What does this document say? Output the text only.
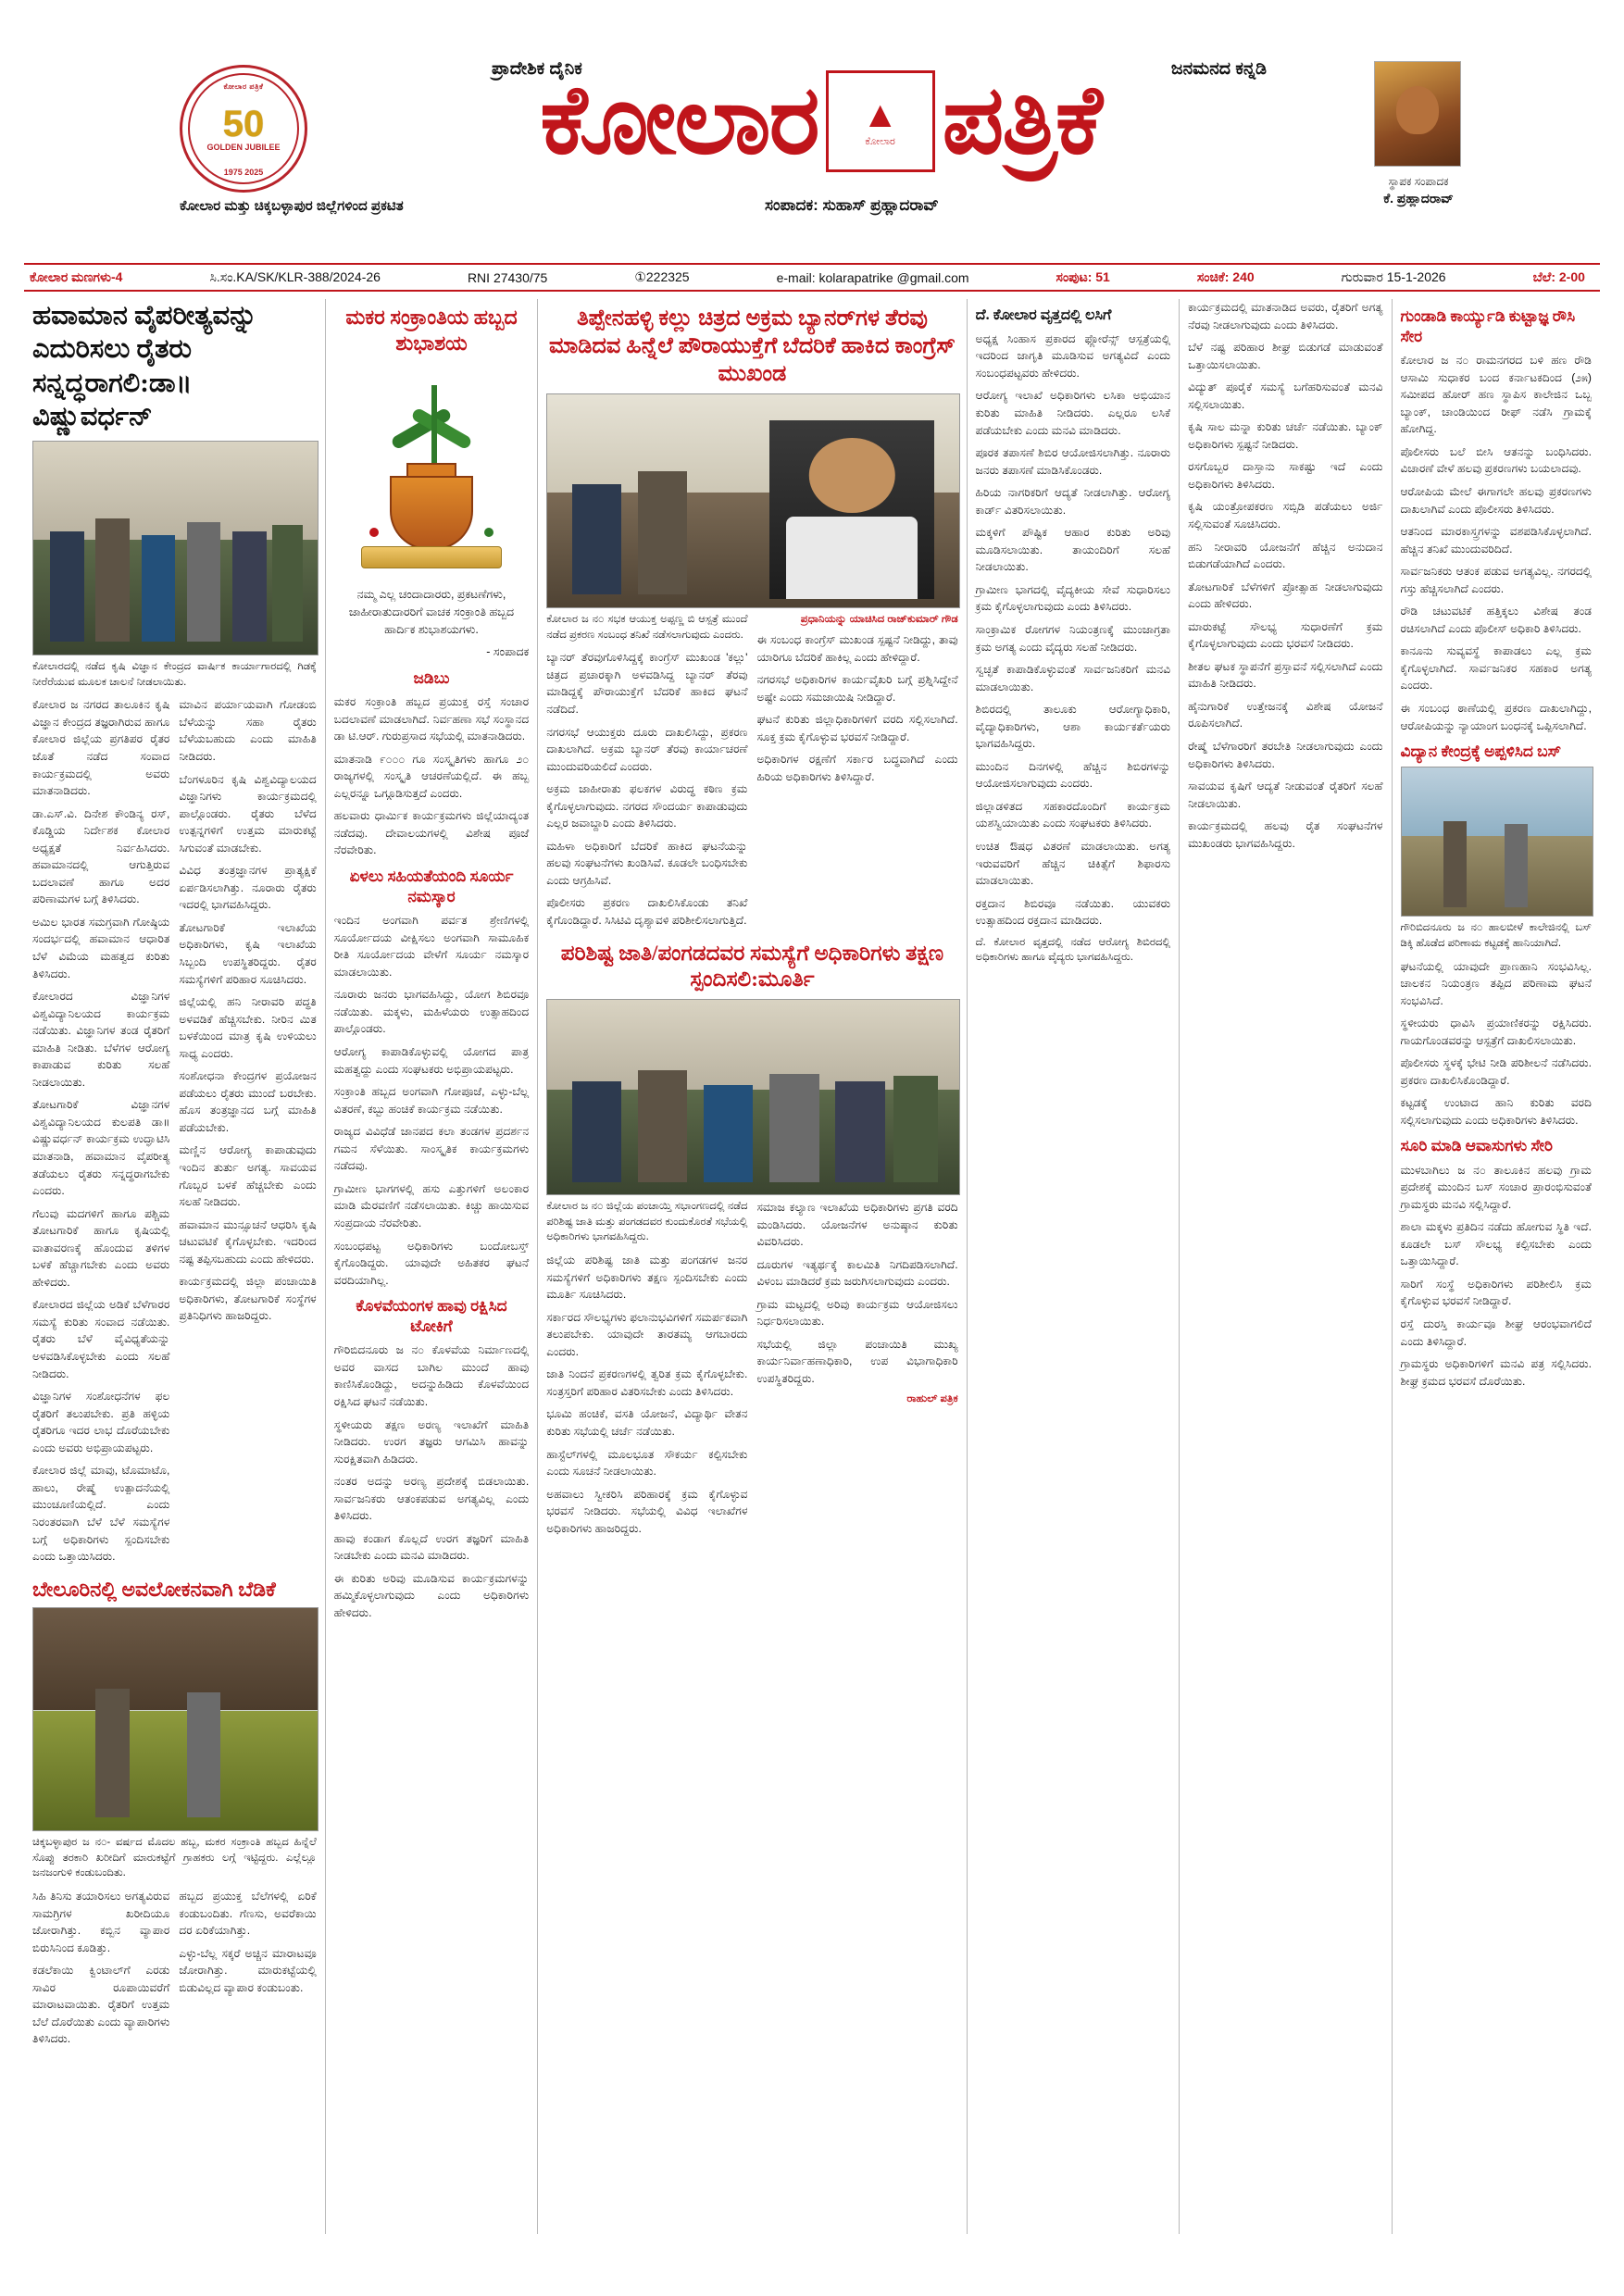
ಪ್ರಾದೇಶಿಕ ದೈನಿಕ	ಜನಮನದ ಕನ್ನಡಿ
ಕೋಲಾರ ಪತ್ರಿಕೆ
50
GOLDEN JUBILEE
1975 2025	ಕೋಲಾರ ▲
ಕೋಲಾರ ಪತ್ರಿಕೆ
ಸ್ಥಾಪಕ ಸಂಪಾದಕ
ಕೆ. ಪ್ರಹ್ಲಾದರಾವ್
ಕೋಲಾರ ಮತ್ತು ಚಿಕ್ಕಬಳ್ಳಾಪುರ ಜಿಲ್ಲೆಗಳಿಂದ ಪ್ರಕಟಿತ	ಸಂಪಾದಕ: ಸುಹಾಸ್ ಪ್ರಹ್ಲಾದರಾವ್
ಕೋಲಾರ ಮಣಗಳು-4	ಸಿ.ಸಂ.KA/SK/KLR-388/2024-26	RNI 27430/75	①222325	e-mail: kolarapatrike @gmail.com	ಸಂಪುಟ: 51	ಸಂಚಿಕೆ: 240	ಗುರುವಾರ 15-1-2026	ಬೆಲೆ: 2-00
ಹವಾಮಾನ ವೈಪರೀತ್ಯವನ್ನು ಎದುರಿಸಲು ರೈತರು ಸನ್ನದ್ಧರಾಗಲಿ:ಡಾ॥ ವಿಷ್ಣುವರ್ಧನ್

ಕೋಲಾರದಲ್ಲಿ ನಡೆದ ಕೃಷಿ ವಿಜ್ಞಾನ ಕೇಂದ್ರದ ವಾರ್ಷಿಕ ಕಾರ್ಯಾಗಾರದಲ್ಲಿ ಗಿಡಕ್ಕೆ ನೀರೆರೆಯುವ ಮೂಲಕ ಚಾಲನೆ ನೀಡಲಾಯಿತು.

ಕೋಲಾರ ಜ ನಗರದ ತಾಲೂಕಿನ ಕೃಷಿ ವಿಜ್ಞಾನ ಕೇಂದ್ರದ ತಜ್ಞರಾಗಿರುವ ಹಾಗೂ ಕೋಲಾರ ಜಿಲ್ಲೆಯ ಪ್ರಗತಿಪರ ರೈತರ ಜೊತೆ ನಡೆದ ಸಂವಾದ ಕಾರ್ಯಕ್ರಮದಲ್ಲಿ ಅವರು ಮಾತನಾಡಿದರು.

ಡಾ.ಎಸ್.ವಿ. ದಿನೇಶ ಕೌಂಡಿನ್ಯ ರಸ್, ಕೊಡ್ಡಿಯ ನಿರ್ದೇಶಕ ಕೋಲಾರ ಅಧ್ಯಕ್ಷತೆ ನಿರ್ವಹಿಸಿದರು. ಹವಾಮಾನದಲ್ಲಿ ಆಗುತ್ತಿರುವ ಬದಲಾವಣೆ ಹಾಗೂ ಅದರ ಪರಿಣಾಮಗಳ ಬಗ್ಗೆ ತಿಳಿಸಿದರು.

ಅಮಿಲ ಭಾರತ ಸಮಗ್ರವಾಗಿ ಗೋಷ್ಠಿಯ ಸಂದರ್ಭದಲ್ಲಿ ಹವಾಮಾನ ಆಧಾರಿತ ಬೆಳೆ ವಿಮೆಯ ಮಹತ್ವದ ಕುರಿತು ತಿಳಿಸಿದರು.

ಕೋಲಾರದ ವಿಜ್ಞಾನಿಗಳ ವಿಶ್ವವಿದ್ಯಾನಿಲಯದ ಕಾರ್ಯಕ್ರಮ ನಡೆಯಿತು. ವಿಜ್ಞಾನಿಗಳ ತಂಡ ರೈತರಿಗೆ ಮಾಹಿತಿ ನೀಡಿತು. ಬೆಳೆಗಳ ಆರೋಗ್ಯ ಕಾಪಾಡುವ ಕುರಿತು ಸಲಹೆ ನೀಡಲಾಯಿತು.

ತೋಟಗಾರಿಕೆ ವಿಜ್ಞಾನಗಳ ವಿಶ್ವವಿದ್ಯಾನಿಲಯದ ಕುಲಪತಿ ಡಾ॥ ವಿಷ್ಣುವರ್ಧನ್ ಕಾರ್ಯಕ್ರಮ ಉದ್ಘಾಟಿಸಿ ಮಾತನಾಡಿ, ಹವಾಮಾನ ವೈಪರೀತ್ಯ ತಡೆಯಲು ರೈತರು ಸನ್ನದ್ಧರಾಗಬೇಕು ಎಂದರು.

ಗೆಲುವು ಮದಗಳಿಗೆ ಹಾಗೂ ಪಶ್ಚಿಮ ತೋಟಗಾರಿಕೆ ಹಾಗೂ ಕೃಷಿಯಲ್ಲಿ ವಾತಾವರಣಕ್ಕೆ ಹೊಂದುವ ತಳಿಗಳ ಬಳಕೆ ಹೆಚ್ಚಾಗಬೇಕು ಎಂದು ಅವರು ಹೇಳಿದರು.

ಕೋಲಾರದ ಜಿಲ್ಲೆಯ ಅಡಿಕೆ ಬೆಳೆಗಾರರ ಸಮಸ್ಯೆ ಕುರಿತು ಸಂವಾದ ನಡೆಯಿತು. ರೈತರು ಬೆಳೆ ವೈವಿಧ್ಯತೆಯನ್ನು ಅಳವಡಿಸಿಕೊಳ್ಳಬೇಕು ಎಂದು ಸಲಹೆ ನೀಡಿದರು.

ವಿಜ್ಞಾನಿಗಳ ಸಂಶೋಧನೆಗಳ ಫಲ ರೈತರಿಗೆ ತಲುಪಬೇಕು. ಪ್ರತಿ ಹಳ್ಳಿಯ ರೈತರಿಗೂ ಇದರ ಲಾಭ ದೊರೆಯಬೇಕು ಎಂದು ಅವರು ಅಭಿಪ್ರಾಯಪಟ್ಟರು.

ಕೋಲಾರ ಜಿಲ್ಲೆ ಮಾವು, ಟೊಮಾಟೊ, ಹಾಲು, ರೇಷ್ಮೆ ಉತ್ಪಾದನೆಯಲ್ಲಿ ಮುಂಚೂಣಿಯಲ್ಲಿದೆ. ಎಂದು ನಿರಂತರವಾಗಿ ಬೆಳೆ ಬೆಳೆ ಸಮಸ್ಯೆಗಳ ಬಗ್ಗೆ ಅಧಿಕಾರಿಗಳು ಸ್ಪಂದಿಸಬೇಕು ಎಂದು ಒತ್ತಾಯಿಸಿದರು.

ಮಾವಿನ ಪರ್ಯಾಯವಾಗಿ ಗೋಡಂಬಿ ಬೆಳೆಯನ್ನು ಸಹಾ ರೈತರು ಬೆಳೆಯಬಹುದು ಎಂದು ಮಾಹಿತಿ ನೀಡಿದರು.

ಬೆಂಗಳೂರಿನ ಕೃಷಿ ವಿಶ್ವವಿದ್ಯಾಲಯದ ವಿಜ್ಞಾನಿಗಳು ಕಾರ್ಯಕ್ರಮದಲ್ಲಿ ಪಾಲ್ಗೊಂಡರು. ರೈತರು ಬೆಳೆದ ಉತ್ಪನ್ನಗಳಿಗೆ ಉತ್ತಮ ಮಾರುಕಟ್ಟೆ ಸಿಗುವಂತೆ ಮಾಡಬೇಕು.

ವಿವಿಧ ತಂತ್ರಜ್ಞಾನಗಳ ಪ್ರಾತ್ಯಕ್ಷಿಕೆ ಏರ್ಪಡಿಸಲಾಗಿತ್ತು. ನೂರಾರು ರೈತರು ಇದರಲ್ಲಿ ಭಾಗವಹಿಸಿದ್ದರು.

ತೋಟಗಾರಿಕೆ ಇಲಾಖೆಯ ಅಧಿಕಾರಿಗಳು, ಕೃಷಿ ಇಲಾಖೆಯ ಸಿಬ್ಬಂದಿ ಉಪಸ್ಥಿತರಿದ್ದರು. ರೈತರ ಸಮಸ್ಯೆಗಳಿಗೆ ಪರಿಹಾರ ಸೂಚಿಸಿದರು.

ಜಿಲ್ಲೆಯಲ್ಲಿ ಹನಿ ನೀರಾವರಿ ಪದ್ಧತಿ ಅಳವಡಿಕೆ ಹೆಚ್ಚಿಸಬೇಕು. ನೀರಿನ ಮಿತ ಬಳಕೆಯಿಂದ ಮಾತ್ರ ಕೃಷಿ ಉಳಿಯಲು ಸಾಧ್ಯ ಎಂದರು.

ಸಂಶೋಧನಾ ಕೇಂದ್ರಗಳ ಪ್ರಯೋಜನ ಪಡೆಯಲು ರೈತರು ಮುಂದೆ ಬರಬೇಕು. ಹೊಸ ತಂತ್ರಜ್ಞಾನದ ಬಗ್ಗೆ ಮಾಹಿತಿ ಪಡೆಯಬೇಕು.

ಮಣ್ಣಿನ ಆರೋಗ್ಯ ಕಾಪಾಡುವುದು ಇಂದಿನ ತುರ್ತು ಅಗತ್ಯ. ಸಾವಯವ ಗೊಬ್ಬರ ಬಳಕೆ ಹೆಚ್ಚಬೇಕು ಎಂದು ಸಲಹೆ ನೀಡಿದರು.

ಹವಾಮಾನ ಮುನ್ಸೂಚನೆ ಆಧರಿಸಿ ಕೃಷಿ ಚಟುವಟಿಕೆ ಕೈಗೊಳ್ಳಬೇಕು. ಇದರಿಂದ ನಷ್ಟ ತಪ್ಪಿಸಬಹುದು ಎಂದು ಹೇಳಿದರು.

ಕಾರ್ಯಕ್ರಮದಲ್ಲಿ ಜಿಲ್ಲಾ ಪಂಚಾಯಿತಿ ಅಧಿಕಾರಿಗಳು, ತೋಟಗಾರಿಕೆ ಸಂಸ್ಥೆಗಳ ಪ್ರತಿನಿಧಿಗಳು ಹಾಜರಿದ್ದರು.

ಬೇಲೂರಿನಲ್ಲಿ ಅವಲೋಕನವಾಗಿ ಬೆಡಿಕೆ

ಚಿಕ್ಕಬಳ್ಳಾಪುರ ಜ ನ೦- ವರ್ಷದ ಮೊದಲ ಹಬ್ಬ, ಮಕರ ಸಂಕ್ರಾಂತಿ ಹಬ್ಬದ ಹಿನ್ನೆಲೆ ಸೊಪ್ಪು ತರಕಾರಿ ಖರೀದಿಗೆ ಮಾರುಕಟ್ಟೆಗೆ ಗ್ರಾಹಕರು ಲಗ್ಗೆ ಇಟ್ಟಿದ್ದರು. ಎಲ್ಲೆಲ್ಲೂ ಜನಜಂಗುಳಿ ಕಂಡುಬಂದಿತು.

ಸಿಹಿ ತಿನಿಸು ತಯಾರಿಸಲು ಅಗತ್ಯವಿರುವ ಸಾಮಗ್ರಿಗಳ ಖರೀದಿಯೂ ಜೋರಾಗಿತ್ತು. ಕಬ್ಬಿನ ವ್ಯಾಪಾರ ಬಿರುಸಿನಿಂದ ಕೂಡಿತ್ತು.

ಕಡಲೆಕಾಯಿ ಕ್ವಿಂಟಾಲ್‌ಗೆ ಎರಡು ಸಾವಿರ ರೂಪಾಯಿವರೆಗೆ ಮಾರಾಟವಾಯಿತು. ರೈತರಿಗೆ ಉತ್ತಮ ಬೆಲೆ ದೊರೆಯಿತು ಎಂದು ವ್ಯಾಪಾರಿಗಳು ತಿಳಿಸಿದರು.

ಹಬ್ಬದ ಪ್ರಯುಕ್ತ ಬೆಲೆಗಳಲ್ಲಿ ಏರಿಕೆ ಕಂಡುಬಂದಿತು. ಗೆಣಸು, ಅವರೆಕಾಯಿ ದರ ಏರಿಕೆಯಾಗಿತ್ತು.

ಎಳ್ಳು-ಬೆಲ್ಲ ಸಕ್ಕರೆ ಅಚ್ಚಿನ ಮಾರಾಟವೂ ಜೋರಾಗಿತ್ತು. ಮಾರುಕಟ್ಟೆಯಲ್ಲಿ ಬಿಡುವಿಲ್ಲದ ವ್ಯಾಪಾರ ಕಂಡುಬಂತು.

ಮಕರ ಸಂಕ್ರಾಂತಿಯ ಹಬ್ಬದ ಶುಭಾಶಯ

ನಮ್ಮ ಎಲ್ಲ ಚಂದಾದಾರರು, ಪ್ರಕಟಣೆಗಳು, ಜಾಹೀರಾತುದಾರರಿಗೆ ವಾಚಕ ಸಂಕ್ರಾಂತಿ ಹಬ್ಬದ ಹಾರ್ದಿಕ ಶುಭಾಶಯಗಳು.

- ಸಂಪಾದಕ

ಜಡಿಬು

ಮಕರ ಸಂಕ್ರಾಂತಿ ಹಬ್ಬದ ಪ್ರಯುಕ್ತ ರಸ್ತೆ ಸಂಚಾರ ಬದಲಾವಣೆ ಮಾಡಲಾಗಿದೆ. ನಿರ್ವಹಣಾ ಸಭೆ ಸಂಸ್ಥಾನದ ಡಾ ಟಿ.ಆರ್. ಗುರುಪ್ರಸಾದ ಸಭೆಯಲ್ಲಿ ಮಾತನಾಡಿದರು.

ಮಾತನಾಡಿ ೯೦೦೦ ಗೂ ಸಂಸ್ಕೃತಿಗಳು ಹಾಗೂ ೨೦ ರಾಜ್ಯಗಳಲ್ಲಿ ಸಂಸ್ಕೃತಿ ಆಚರಣೆಯಲ್ಲಿದೆ. ಈ ಹಬ್ಬ ಎಲ್ಲರನ್ನೂ ಒಗ್ಗೂಡಿಸುತ್ತದೆ ಎಂದರು.

ಹಲವಾರು ಧಾರ್ಮಿಕ ಕಾರ್ಯಕ್ರಮಗಳು ಜಿಲ್ಲೆಯಾದ್ಯಂತ ನಡೆದವು. ದೇವಾಲಯಗಳಲ್ಲಿ ವಿಶೇಷ ಪೂಜೆ ನೆರವೇರಿತು.

ಏಳಲು ಸಹಿಯತೆಯಂದಿ ಸೂರ್ಯ ನಮಸ್ಕಾರ

ಇಂದಿನ ಅಂಗವಾಗಿ ಪರ್ವತ ಶ್ರೇಣಿಗಳಲ್ಲಿ ಸೂರ್ಯೋದಯ ವೀಕ್ಷಿಸಲು ಅಂಗವಾಗಿ ಸಾಮೂಹಿಕ ರೀತಿ ಸೂರ್ಯೋದಯ ವೇಳೆಗೆ ಸೂರ್ಯ ನಮಸ್ಕಾರ ಮಾಡಲಾಯಿತು.

ನೂರಾರು ಜನರು ಭಾಗವಹಿಸಿದ್ದು, ಯೋಗ ಶಿಬಿರವೂ ನಡೆಯಿತು. ಮಕ್ಕಳು, ಮಹಿಳೆಯರು ಉತ್ಸಾಹದಿಂದ ಪಾಲ್ಗೊಂಡರು.

ಆರೋಗ್ಯ ಕಾಪಾಡಿಕೊಳ್ಳುವಲ್ಲಿ ಯೋಗದ ಪಾತ್ರ ಮಹತ್ವದ್ದು ಎಂದು ಸಂಘಟಕರು ಅಭಿಪ್ರಾಯಪಟ್ಟರು.

ಸಂಕ್ರಾಂತಿ ಹಬ್ಬದ ಅಂಗವಾಗಿ ಗೋಪೂಜೆ, ಎಳ್ಳು-ಬೆಲ್ಲ ವಿತರಣೆ, ಕಬ್ಬು ಹಂಚಿಕೆ ಕಾರ್ಯಕ್ರಮ ನಡೆಯಿತು.

ರಾಜ್ಯದ ವಿವಿಧೆಡೆ ಜಾನಪದ ಕಲಾ ತಂಡಗಳ ಪ್ರದರ್ಶನ ಗಮನ ಸೆಳೆಯಿತು. ಸಾಂಸ್ಕೃತಿಕ ಕಾರ್ಯಕ್ರಮಗಳು ನಡೆದವು.

ಗ್ರಾಮೀಣ ಭಾಗಗಳಲ್ಲಿ ಹಸು ಎತ್ತುಗಳಿಗೆ ಅಲಂಕಾರ ಮಾಡಿ ಮೆರವಣಿಗೆ ನಡೆಸಲಾಯಿತು. ಕಿಚ್ಚು ಹಾಯಿಸುವ ಸಂಪ್ರದಾಯ ನೆರವೇರಿತು.

ಸಂಬಂಧಪಟ್ಟ ಅಧಿಕಾರಿಗಳು ಬಂದೋಬಸ್ತ್ ಕೈಗೊಂಡಿದ್ದರು. ಯಾವುದೇ ಅಹಿತಕರ ಘಟನೆ ವರದಿಯಾಗಿಲ್ಲ.

ಕೊಳವೆಯಂಗಳ ಹಾವು ರಕ್ಷಿಸಿದ ಟೋಕಿಗೆ

ಗೌರಿಬಿದನೂರು ಜ ನ೦ ಕೊಳವೆಯ ನಿರ್ಮಾಣದಲ್ಲಿ ಅವರ ವಾಸದ ಬಾಗಿಲ ಮುಂದೆ ಹಾವು ಕಾಣಿಸಿಕೊಂಡಿದ್ದು, ಅದನ್ನುಹಿಡಿದು ಕೊಳವೆಯಿಂದ ರಕ್ಷಿಸಿದ ಘಟನೆ ನಡೆಯಿತು.

ಸ್ಥಳೀಯರು ತಕ್ಷಣ ಅರಣ್ಯ ಇಲಾಖೆಗೆ ಮಾಹಿತಿ ನೀಡಿದರು. ಉರಗ ತಜ್ಞರು ಆಗಮಿಸಿ ಹಾವನ್ನು ಸುರಕ್ಷಿತವಾಗಿ ಹಿಡಿದರು.

ನಂತರ ಅದನ್ನು ಅರಣ್ಯ ಪ್ರದೇಶಕ್ಕೆ ಬಿಡಲಾಯಿತು. ಸಾರ್ವಜನಿಕರು ಆತಂಕಪಡುವ ಅಗತ್ಯವಿಲ್ಲ ಎಂದು ತಿಳಿಸಿದರು.

ಹಾವು ಕಂಡಾಗ ಕೊಲ್ಲದೆ ಉರಗ ತಜ್ಞರಿಗೆ ಮಾಹಿತಿ ನೀಡಬೇಕು ಎಂದು ಮನವಿ ಮಾಡಿದರು.

ಈ ಕುರಿತು ಅರಿವು ಮೂಡಿಸುವ ಕಾರ್ಯಕ್ರಮಗಳನ್ನು ಹಮ್ಮಿಕೊಳ್ಳಲಾಗುವುದು ಎಂದು ಅಧಿಕಾರಿಗಳು ಹೇಳಿದರು.

ತಿಪ್ಪೇನಹಳ್ಳಿ ಕಲ್ಲು ಚಿತ್ರದ ಅಕ್ರಮ ಬ್ಯಾನರ್‌ಗಳ ತೆರವು ಮಾಡಿದವ ಹಿನ್ನೆಲೆ ಪೌರಾಯುಕ್ತೆಗೆ ಬೆದರಿಕೆ ಹಾಕಿದ ಕಾಂಗ್ರೆಸ್ ಮುಖಂಡ

ಕೋಲಾರ ಜ ನ೦ ಸಭಕ ಆಯುಕ್ತ ಅಪ್ಪಣ್ಣ ಬಿ ಆಸ್ಪತ್ರೆ ಮುಂದೆ ನಡೆದ ಪ್ರಕರಣ ಸಂಬಂಧ ತನಿಖೆ ನಡೆಸಲಾಗುವುದು ಎಂದರು.

ಬ್ಯಾನರ್ ತೆರವುಗೊಳಿಸಿದ್ದಕ್ಕೆ ಕಾಂಗ್ರೆಸ್ ಮುಖಂಡ 'ಕಲ್ಲು' ಚಿತ್ರದ ಪ್ರಚಾರಕ್ಕಾಗಿ ಅಳವಡಿಸಿದ್ದ ಬ್ಯಾನರ್ ತೆರವು ಮಾಡಿದ್ದಕ್ಕೆ ಪೌರಾಯುಕ್ತೆಗೆ ಬೆದರಿಕೆ ಹಾಕಿದ ಘಟನೆ ನಡೆದಿದೆ.

ನಗರಸಭೆ ಆಯುಕ್ತರು ದೂರು ದಾಖಲಿಸಿದ್ದು, ಪ್ರಕರಣ ದಾಖಲಾಗಿದೆ. ಅಕ್ರಮ ಬ್ಯಾನರ್ ತೆರವು ಕಾರ್ಯಾಚರಣೆ ಮುಂದುವರಿಯಲಿದೆ ಎಂದರು.

ಅಕ್ರಮ ಜಾಹೀರಾತು ಫಲಕಗಳ ವಿರುದ್ಧ ಕಠಿಣ ಕ್ರಮ ಕೈಗೊಳ್ಳಲಾಗುವುದು. ನಗರದ ಸೌಂದರ್ಯ ಕಾಪಾಡುವುದು ಎಲ್ಲರ ಜವಾಬ್ದಾರಿ ಎಂದು ತಿಳಿಸಿದರು.

ಮಹಿಳಾ ಅಧಿಕಾರಿಗೆ ಬೆದರಿಕೆ ಹಾಕಿದ ಘಟನೆಯನ್ನು ಹಲವು ಸಂಘಟನೆಗಳು ಖಂಡಿಸಿವೆ. ಕೂಡಲೇ ಬಂಧಿಸಬೇಕು ಎಂದು ಆಗ್ರಹಿಸಿವೆ.

ಪೊಲೀಸರು ಪ್ರಕರಣ ದಾಖಲಿಸಿಕೊಂಡು ತನಿಖೆ ಕೈಗೊಂಡಿದ್ದಾರೆ. ಸಿಸಿಟಿವಿ ದೃಶ್ಯಾವಳಿ ಪರಿಶೀಲಿಸಲಾಗುತ್ತಿದೆ.

ಪ್ರಧಾನಿಯನ್ನು ಯಾಚಿಸಿದ ರಾಜ್‌ಕುಮಾರ್ ಗೌಡ

ಈ ಸಂಬಂಧ ಕಾಂಗ್ರೆಸ್ ಮುಖಂಡ ಸ್ಪಷ್ಟನೆ ನೀಡಿದ್ದು, ತಾವು ಯಾರಿಗೂ ಬೆದರಿಕೆ ಹಾಕಿಲ್ಲ ಎಂದು ಹೇಳಿದ್ದಾರೆ.

ನಗರಸಭೆ ಅಧಿಕಾರಿಗಳ ಕಾರ್ಯವೈಖರಿ ಬಗ್ಗೆ ಪ್ರಶ್ನಿಸಿದ್ದೇನೆ ಅಷ್ಟೇ ಎಂದು ಸಮಜಾಯಿಷಿ ನೀಡಿದ್ದಾರೆ.

ಘಟನೆ ಕುರಿತು ಜಿಲ್ಲಾಧಿಕಾರಿಗಳಿಗೆ ವರದಿ ಸಲ್ಲಿಸಲಾಗಿದೆ. ಸೂಕ್ತ ಕ್ರಮ ಕೈಗೊಳ್ಳುವ ಭರವಸೆ ನೀಡಿದ್ದಾರೆ.

ಅಧಿಕಾರಿಗಳ ರಕ್ಷಣೆಗೆ ಸರ್ಕಾರ ಬದ್ಧವಾಗಿದೆ ಎಂದು ಹಿರಿಯ ಅಧಿಕಾರಿಗಳು ತಿಳಿಸಿದ್ದಾರೆ.

ಪರಿಶಿಷ್ಟ ಜಾತಿ/ಪಂಗಡದವರ ಸಮಸ್ಯೆಗೆ ಅಧಿಕಾರಿಗಳು ತಕ್ಷಣ ಸ್ಪಂದಿಸಲಿ:ಮೂರ್ತಿ

ಕೋಲಾರ ಜ ನ೦ ಜಿಲ್ಲೆಯ ಪಂಚಾಯ್ತಿ ಸಭಾಂಗಣದಲ್ಲಿ ನಡೆದ ಪರಿಶಿಷ್ಟ ಜಾತಿ ಮತ್ತು ಪಂಗಡದವರ ಕುಂದುಕೊರತೆ ಸಭೆಯಲ್ಲಿ ಅಧಿಕಾರಿಗಳು ಭಾಗವಹಿಸಿದ್ದರು.

ಜಿಲ್ಲೆಯ ಪರಿಶಿಷ್ಟ ಜಾತಿ ಮತ್ತು ಪಂಗಡಗಳ ಜನರ ಸಮಸ್ಯೆಗಳಿಗೆ ಅಧಿಕಾರಿಗಳು ತಕ್ಷಣ ಸ್ಪಂದಿಸಬೇಕು ಎಂದು ಮೂರ್ತಿ ಸೂಚಿಸಿದರು.

ಸರ್ಕಾರದ ಸೌಲಭ್ಯಗಳು ಫಲಾನುಭವಿಗಳಿಗೆ ಸಮರ್ಪಕವಾಗಿ ತಲುಪಬೇಕು. ಯಾವುದೇ ತಾರತಮ್ಯ ಆಗಬಾರದು ಎಂದರು.

ಜಾತಿ ನಿಂದನೆ ಪ್ರಕರಣಗಳಲ್ಲಿ ತ್ವರಿತ ಕ್ರಮ ಕೈಗೊಳ್ಳಬೇಕು. ಸಂತ್ರಸ್ತರಿಗೆ ಪರಿಹಾರ ವಿತರಿಸಬೇಕು ಎಂದು ತಿಳಿಸಿದರು.

ಭೂಮಿ ಹಂಚಿಕೆ, ವಸತಿ ಯೋಜನೆ, ವಿದ್ಯಾರ್ಥಿ ವೇತನ ಕುರಿತು ಸಭೆಯಲ್ಲಿ ಚರ್ಚೆ ನಡೆಯಿತು.

ಹಾಸ್ಟೆಲ್‌ಗಳಲ್ಲಿ ಮೂಲಭೂತ ಸೌಕರ್ಯ ಕಲ್ಪಿಸಬೇಕು ಎಂದು ಸೂಚನೆ ನೀಡಲಾಯಿತು.

ಅಹವಾಲು ಸ್ವೀಕರಿಸಿ ಪರಿಹಾರಕ್ಕೆ ಕ್ರಮ ಕೈಗೊಳ್ಳುವ ಭರವಸೆ ನೀಡಿದರು. ಸಭೆಯಲ್ಲಿ ವಿವಿಧ ಇಲಾಖೆಗಳ ಅಧಿಕಾರಿಗಳು ಹಾಜರಿದ್ದರು.

ಸಮಾಜ ಕಲ್ಯಾಣ ಇಲಾಖೆಯ ಅಧಿಕಾರಿಗಳು ಪ್ರಗತಿ ವರದಿ ಮಂಡಿಸಿದರು. ಯೋಜನೆಗಳ ಅನುಷ್ಠಾನ ಕುರಿತು ವಿವರಿಸಿದರು.

ದೂರುಗಳ ಇತ್ಯರ್ಥಕ್ಕೆ ಕಾಲಮಿತಿ ನಿಗದಿಪಡಿಸಲಾಗಿದೆ. ವಿಳಂಬ ಮಾಡಿದರೆ ಕ್ರಮ ಜರುಗಿಸಲಾಗುವುದು ಎಂದರು.

ಗ್ರಾಮ ಮಟ್ಟದಲ್ಲಿ ಅರಿವು ಕಾರ್ಯಕ್ರಮ ಆಯೋಜಿಸಲು ನಿರ್ಧರಿಸಲಾಯಿತು.

ಸಭೆಯಲ್ಲಿ ಜಿಲ್ಲಾ ಪಂಚಾಯಿತಿ ಮುಖ್ಯ ಕಾರ್ಯನಿರ್ವಾಹಣಾಧಿಕಾರಿ, ಉಪ ವಿಭಾಗಾಧಿಕಾರಿ ಉಪಸ್ಥಿತರಿದ್ದರು.

ರಾಹುಲ್ ಪತ್ರಿಕ

ದೆ. ಕೋಲಾರ ವೃತ್ತದಲ್ಲಿ ಲಸಿಗೆ

ಅಧ್ಯಕ್ಷ ಸಿಂಹಾಸ ಪ್ರಕಾರದ ಫ್ಲೋರೆನ್ಸ್ ಆಸ್ಪತ್ರೆಯಲ್ಲಿ ಇದರಿಂದ ಜಾಗೃತಿ ಮೂಡಿಸುವ ಅಗತ್ಯವಿದೆ ಎಂದು ಸಂಬಂಧಪಟ್ಟವರು ಹೇಳಿದರು.

ಆರೋಗ್ಯ ಇಲಾಖೆ ಅಧಿಕಾರಿಗಳು ಲಸಿಕಾ ಅಭಿಯಾನ ಕುರಿತು ಮಾಹಿತಿ ನೀಡಿದರು. ಎಲ್ಲರೂ ಲಸಿಕೆ ಪಡೆಯಬೇಕು ಎಂದು ಮನವಿ ಮಾಡಿದರು.

ಪೂರಕ ತಪಾಸಣೆ ಶಿಬಿರ ಆಯೋಜಿಸಲಾಗಿತ್ತು. ನೂರಾರು ಜನರು ತಪಾಸಣೆ ಮಾಡಿಸಿಕೊಂಡರು.

ಹಿರಿಯ ನಾಗರಿಕರಿಗೆ ಆದ್ಯತೆ ನೀಡಲಾಗಿತ್ತು. ಆರೋಗ್ಯ ಕಾರ್ಡ್ ವಿತರಿಸಲಾಯಿತು.

ಮಕ್ಕಳಿಗೆ ಪೌಷ್ಟಿಕ ಆಹಾರ ಕುರಿತು ಅರಿವು ಮೂಡಿಸಲಾಯಿತು. ತಾಯಂದಿರಿಗೆ ಸಲಹೆ ನೀಡಲಾಯಿತು.

ಗ್ರಾಮೀಣ ಭಾಗದಲ್ಲಿ ವೈದ್ಯಕೀಯ ಸೇವೆ ಸುಧಾರಿಸಲು ಕ್ರಮ ಕೈಗೊಳ್ಳಲಾಗುವುದು ಎಂದು ತಿಳಿಸಿದರು.

ಸಾಂಕ್ರಾಮಿಕ ರೋಗಗಳ ನಿಯಂತ್ರಣಕ್ಕೆ ಮುಂಜಾಗ್ರತಾ ಕ್ರಮ ಅಗತ್ಯ ಎಂದು ವೈದ್ಯರು ಸಲಹೆ ನೀಡಿದರು.

ಸ್ವಚ್ಛತೆ ಕಾಪಾಡಿಕೊಳ್ಳುವಂತೆ ಸಾರ್ವಜನಿಕರಿಗೆ ಮನವಿ ಮಾಡಲಾಯಿತು.

ಶಿಬಿರದಲ್ಲಿ ತಾಲೂಕು ಆರೋಗ್ಯಾಧಿಕಾರಿ, ವೈದ್ಯಾಧಿಕಾರಿಗಳು, ಆಶಾ ಕಾರ್ಯಕರ್ತೆಯರು ಭಾಗವಹಿಸಿದ್ದರು.

ಮುಂದಿನ ದಿನಗಳಲ್ಲಿ ಹೆಚ್ಚಿನ ಶಿಬಿರಗಳನ್ನು ಆಯೋಜಿಸಲಾಗುವುದು ಎಂದರು.

ಜಿಲ್ಲಾಡಳಿತದ ಸಹಕಾರದೊಂದಿಗೆ ಕಾರ್ಯಕ್ರಮ ಯಶಸ್ವಿಯಾಯಿತು ಎಂದು ಸಂಘಟಕರು ತಿಳಿಸಿದರು.

ಉಚಿತ ಔಷಧ ವಿತರಣೆ ಮಾಡಲಾಯಿತು. ಅಗತ್ಯ ಇರುವವರಿಗೆ ಹೆಚ್ಚಿನ ಚಿಕಿತ್ಸೆಗೆ ಶಿಫಾರಸು ಮಾಡಲಾಯಿತು.

ರಕ್ತದಾನ ಶಿಬಿರವೂ ನಡೆಯಿತು. ಯುವಕರು ಉತ್ಸಾಹದಿಂದ ರಕ್ತದಾನ ಮಾಡಿದರು.

ದೆ. ಕೋಲಾರ ವೃತ್ತದಲ್ಲಿ ನಡೆದ ಆರೋಗ್ಯ ಶಿಬಿರದಲ್ಲಿ ಅಧಿಕಾರಿಗಳು ಹಾಗೂ ವೈದ್ಯರು ಭಾಗವಹಿಸಿದ್ದರು.

ಕಾರ್ಯಕ್ರಮದಲ್ಲಿ ಮಾತನಾಡಿದ ಅವರು, ರೈತರಿಗೆ ಅಗತ್ಯ ನೆರವು ನೀಡಲಾಗುವುದು ಎಂದು ತಿಳಿಸಿದರು.

ಬೆಳೆ ನಷ್ಟ ಪರಿಹಾರ ಶೀಘ್ರ ಬಿಡುಗಡೆ ಮಾಡುವಂತೆ ಒತ್ತಾಯಿಸಲಾಯಿತು.

ವಿದ್ಯುತ್ ಪೂರೈಕೆ ಸಮಸ್ಯೆ ಬಗೆಹರಿಸುವಂತೆ ಮನವಿ ಸಲ್ಲಿಸಲಾಯಿತು.

ಕೃಷಿ ಸಾಲ ಮನ್ನಾ ಕುರಿತು ಚರ್ಚೆ ನಡೆಯಿತು. ಬ್ಯಾಂಕ್ ಅಧಿಕಾರಿಗಳು ಸ್ಪಷ್ಟನೆ ನೀಡಿದರು.

ರಸಗೊಬ್ಬರ ದಾಸ್ತಾನು ಸಾಕಷ್ಟು ಇದೆ ಎಂದು ಅಧಿಕಾರಿಗಳು ತಿಳಿಸಿದರು.

ಕೃಷಿ ಯಂತ್ರೋಪಕರಣ ಸಬ್ಸಿಡಿ ಪಡೆಯಲು ಅರ್ಜಿ ಸಲ್ಲಿಸುವಂತೆ ಸೂಚಿಸಿದರು.

ಹನಿ ನೀರಾವರಿ ಯೋಜನೆಗೆ ಹೆಚ್ಚಿನ ಅನುದಾನ ಬಿಡುಗಡೆಯಾಗಿದೆ ಎಂದರು.

ತೋಟಗಾರಿಕೆ ಬೆಳೆಗಳಿಗೆ ಪ್ರೋತ್ಸಾಹ ನೀಡಲಾಗುವುದು ಎಂದು ಹೇಳಿದರು.

ಮಾರುಕಟ್ಟೆ ಸೌಲಭ್ಯ ಸುಧಾರಣೆಗೆ ಕ್ರಮ ಕೈಗೊಳ್ಳಲಾಗುವುದು ಎಂದು ಭರವಸೆ ನೀಡಿದರು.

ಶೀತಲ ಘಟಕ ಸ್ಥಾಪನೆಗೆ ಪ್ರಸ್ತಾವನೆ ಸಲ್ಲಿಸಲಾಗಿದೆ ಎಂದು ಮಾಹಿತಿ ನೀಡಿದರು.

ಹೈನುಗಾರಿಕೆ ಉತ್ತೇಜನಕ್ಕೆ ವಿಶೇಷ ಯೋಜನೆ ರೂಪಿಸಲಾಗಿದೆ.

ರೇಷ್ಮೆ ಬೆಳೆಗಾರರಿಗೆ ತರಬೇತಿ ನೀಡಲಾಗುವುದು ಎಂದು ಅಧಿಕಾರಿಗಳು ತಿಳಿಸಿದರು.

ಸಾವಯವ ಕೃಷಿಗೆ ಆದ್ಯತೆ ನೀಡುವಂತೆ ರೈತರಿಗೆ ಸಲಹೆ ನೀಡಲಾಯಿತು.

ಕಾರ್ಯಕ್ರಮದಲ್ಲಿ ಹಲವು ರೈತ ಸಂಘಟನೆಗಳ ಮುಖಂಡರು ಭಾಗವಹಿಸಿದ್ದರು.

ಗುಂಡಾಡಿ ಕಾರ್ಯ್ಯುಡಿ ಕುಟ್ಟಾಜ್ಞ ರೌಸಿ ಸೇರ

ಕೋಲಾರ ಜ ನ೦ ರಾಮನಗರದ ಬಳಿ ಹಣ ರೌಡಿ ಆಸಾಮಿ ಸುಧಾಕರ ಬಂದ ಕರ್ನಾಟಕದಿಂದ (೨೫) ಸಮೀಪದ ಹೋರ್ ಹಣ ಸ್ಥಾಪಿಸ ಕಾಲೇಜಿನ ಒಬ್ಬ ಬ್ಯಾಂಕ್, ಚಾಂಡಿಯಿಂದ ರೀಫ್ ನಡೆಸಿ ಗ್ರಾಮಕ್ಕೆ ಹೋಗಿದ್ದ.

ಪೊಲೀಸರು ಬಲೆ ಬೀಸಿ ಆತನನ್ನು ಬಂಧಿಸಿದರು. ವಿಚಾರಣೆ ವೇಳೆ ಹಲವು ಪ್ರಕರಣಗಳು ಬಯಲಾದವು.

ಆರೋಪಿಯ ಮೇಲೆ ಈಗಾಗಲೇ ಹಲವು ಪ್ರಕರಣಗಳು ದಾಖಲಾಗಿವೆ ಎಂದು ಪೊಲೀಸರು ತಿಳಿಸಿದರು.

ಆತನಿಂದ ಮಾರಕಾಸ್ತ್ರಗಳನ್ನು ವಶಪಡಿಸಿಕೊಳ್ಳಲಾಗಿದೆ. ಹೆಚ್ಚಿನ ತನಿಖೆ ಮುಂದುವರಿದಿದೆ.

ಸಾರ್ವಜನಿಕರು ಆತಂಕ ಪಡುವ ಅಗತ್ಯವಿಲ್ಲ. ನಗರದಲ್ಲಿ ಗಸ್ತು ಹೆಚ್ಚಿಸಲಾಗಿದೆ ಎಂದರು.

ರೌಡಿ ಚಟುವಟಿಕೆ ಹತ್ತಿಕ್ಕಲು ವಿಶೇಷ ತಂಡ ರಚಿಸಲಾಗಿದೆ ಎಂದು ಪೊಲೀಸ್ ಅಧಿಕಾರಿ ತಿಳಿಸಿದರು.

ಕಾನೂನು ಸುವ್ಯವಸ್ಥೆ ಕಾಪಾಡಲು ಎಲ್ಲ ಕ್ರಮ ಕೈಗೊಳ್ಳಲಾಗಿದೆ. ಸಾರ್ವಜನಿಕರ ಸಹಕಾರ ಅಗತ್ಯ ಎಂದರು.

ಈ ಸಂಬಂಧ ಠಾಣೆಯಲ್ಲಿ ಪ್ರಕರಣ ದಾಖಲಾಗಿದ್ದು, ಆರೋಪಿಯನ್ನು ನ್ಯಾಯಾಂಗ ಬಂಧನಕ್ಕೆ ಒಪ್ಪಿಸಲಾಗಿದೆ.

ವಿದ್ಯಾನ ಕೇಂದ್ರಕ್ಕೆ ಅಪ್ಪಳಿಸಿದ ಬಸ್

ಗೌರಿಬಿದನೂರು ಜ ನ೦ ಹಾಲಬೀಳೆ ಕಾಲೇಜಿನಲ್ಲಿ ಬಸ್ ಡಿಕ್ಕಿ ಹೊಡೆದ ಪರಿಣಾಮ ಕಟ್ಟಡಕ್ಕೆ ಹಾನಿಯಾಗಿದೆ.

ಘಟನೆಯಲ್ಲಿ ಯಾವುದೇ ಪ್ರಾಣಹಾನಿ ಸಂಭವಿಸಿಲ್ಲ. ಚಾಲಕನ ನಿಯಂತ್ರಣ ತಪ್ಪಿದ ಪರಿಣಾಮ ಘಟನೆ ಸಂಭವಿಸಿದೆ.

ಸ್ಥಳೀಯರು ಧಾವಿಸಿ ಪ್ರಯಾಣಿಕರನ್ನು ರಕ್ಷಿಸಿದರು. ಗಾಯಗೊಂಡವರನ್ನು ಆಸ್ಪತ್ರೆಗೆ ದಾಖಲಿಸಲಾಯಿತು.

ಪೊಲೀಸರು ಸ್ಥಳಕ್ಕೆ ಭೇಟಿ ನೀಡಿ ಪರಿಶೀಲನೆ ನಡೆಸಿದರು. ಪ್ರಕರಣ ದಾಖಲಿಸಿಕೊಂಡಿದ್ದಾರೆ.

ಕಟ್ಟಡಕ್ಕೆ ಉಂಟಾದ ಹಾನಿ ಕುರಿತು ವರದಿ ಸಲ್ಲಿಸಲಾಗುವುದು ಎಂದು ಅಧಿಕಾರಿಗಳು ತಿಳಿಸಿದರು.

ಸೂರಿ ಮಾಡಿ ಆವಾಸುಗಳು ಸೇರಿ

ಮುಳಬಾಗಿಲು ಜ ನ೦ ತಾಲೂಕಿನ ಹಲವು ಗ್ರಾಮ ಪ್ರದೇಶಕ್ಕೆ ಮುಂದಿನ ಬಸ್ ಸಂಚಾರ ಪ್ರಾರಂಭಿಸುವಂತೆ ಗ್ರಾಮಸ್ಥರು ಮನವಿ ಸಲ್ಲಿಸಿದ್ದಾರೆ.

ಶಾಲಾ ಮಕ್ಕಳು ಪ್ರತಿದಿನ ನಡೆದು ಹೋಗುವ ಸ್ಥಿತಿ ಇದೆ. ಕೂಡಲೇ ಬಸ್ ಸೌಲಭ್ಯ ಕಲ್ಪಿಸಬೇಕು ಎಂದು ಒತ್ತಾಯಿಸಿದ್ದಾರೆ.

ಸಾರಿಗೆ ಸಂಸ್ಥೆ ಅಧಿಕಾರಿಗಳು ಪರಿಶೀಲಿಸಿ ಕ್ರಮ ಕೈಗೊಳ್ಳುವ ಭರವಸೆ ನೀಡಿದ್ದಾರೆ.

ರಸ್ತೆ ದುರಸ್ತಿ ಕಾರ್ಯವೂ ಶೀಘ್ರ ಆರಂಭವಾಗಲಿದೆ ಎಂದು ತಿಳಿಸಿದ್ದಾರೆ.

ಗ್ರಾಮಸ್ಥರು ಅಧಿಕಾರಿಗಳಿಗೆ ಮನವಿ ಪತ್ರ ಸಲ್ಲಿಸಿದರು. ಶೀಘ್ರ ಕ್ರಮದ ಭರವಸೆ ದೊರೆಯಿತು.
